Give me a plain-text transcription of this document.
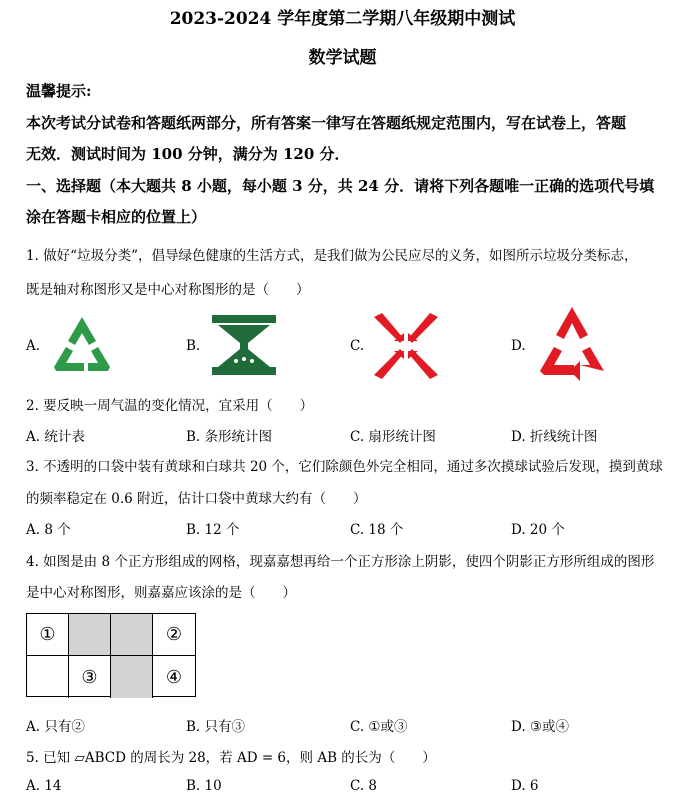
2023-2024 学年度第二学期八年级期中测试
数学试题
温馨提示:
本次考试分试卷和答题纸两部分，所有答案一律写在答题纸规定范围内，写在试卷上，答题
无效．测试时间为 100 分钟，满分为 120 分．
一、选择题（本大题共 8 小题，每小题 3 分，共 24 分．请将下列各题唯一正确的选项代号填
涂在答题卡相应的位置上）
1. 做好“垃圾分类”，倡导绿色健康的生活方式，是我们做为公民应尽的义务，如图所示垃圾分类标志，
既是轴对称图形又是中心对称图形的是（　　）
A.	B.	C.	D.
2. 要反映一周气温的变化情况，宜采用（　　）
A. 统计表	B. 条形统计图	C. 扇形统计图	D. 折线统计图
3. 不透明的口袋中装有黄球和白球共 20 个，它们除颜色外完全相同，通过多次摸球试验后发现，摸到黄球
的频率稳定在 0.6 附近，估计口袋中黄球大约有（　　）
A. 8 个	B. 12 个	C. 18 个	D. 20 个
4. 如图是由 8 个正方形组成的网格，现嘉嘉想再给一个正方形涂上阴影，使四个阴影正方形所组成的图形
是中心对称图形，则嘉嘉应该涂的是（　　）
①	②
③	④
A. 只有②	B. 只有③	C. ①或③	D. ③或④
5. 已知 ▱ABCD 的周长为 28，若 AD = 6，则 AB 的长为（　　）
A. 14	B. 10	C. 8	D. 6
